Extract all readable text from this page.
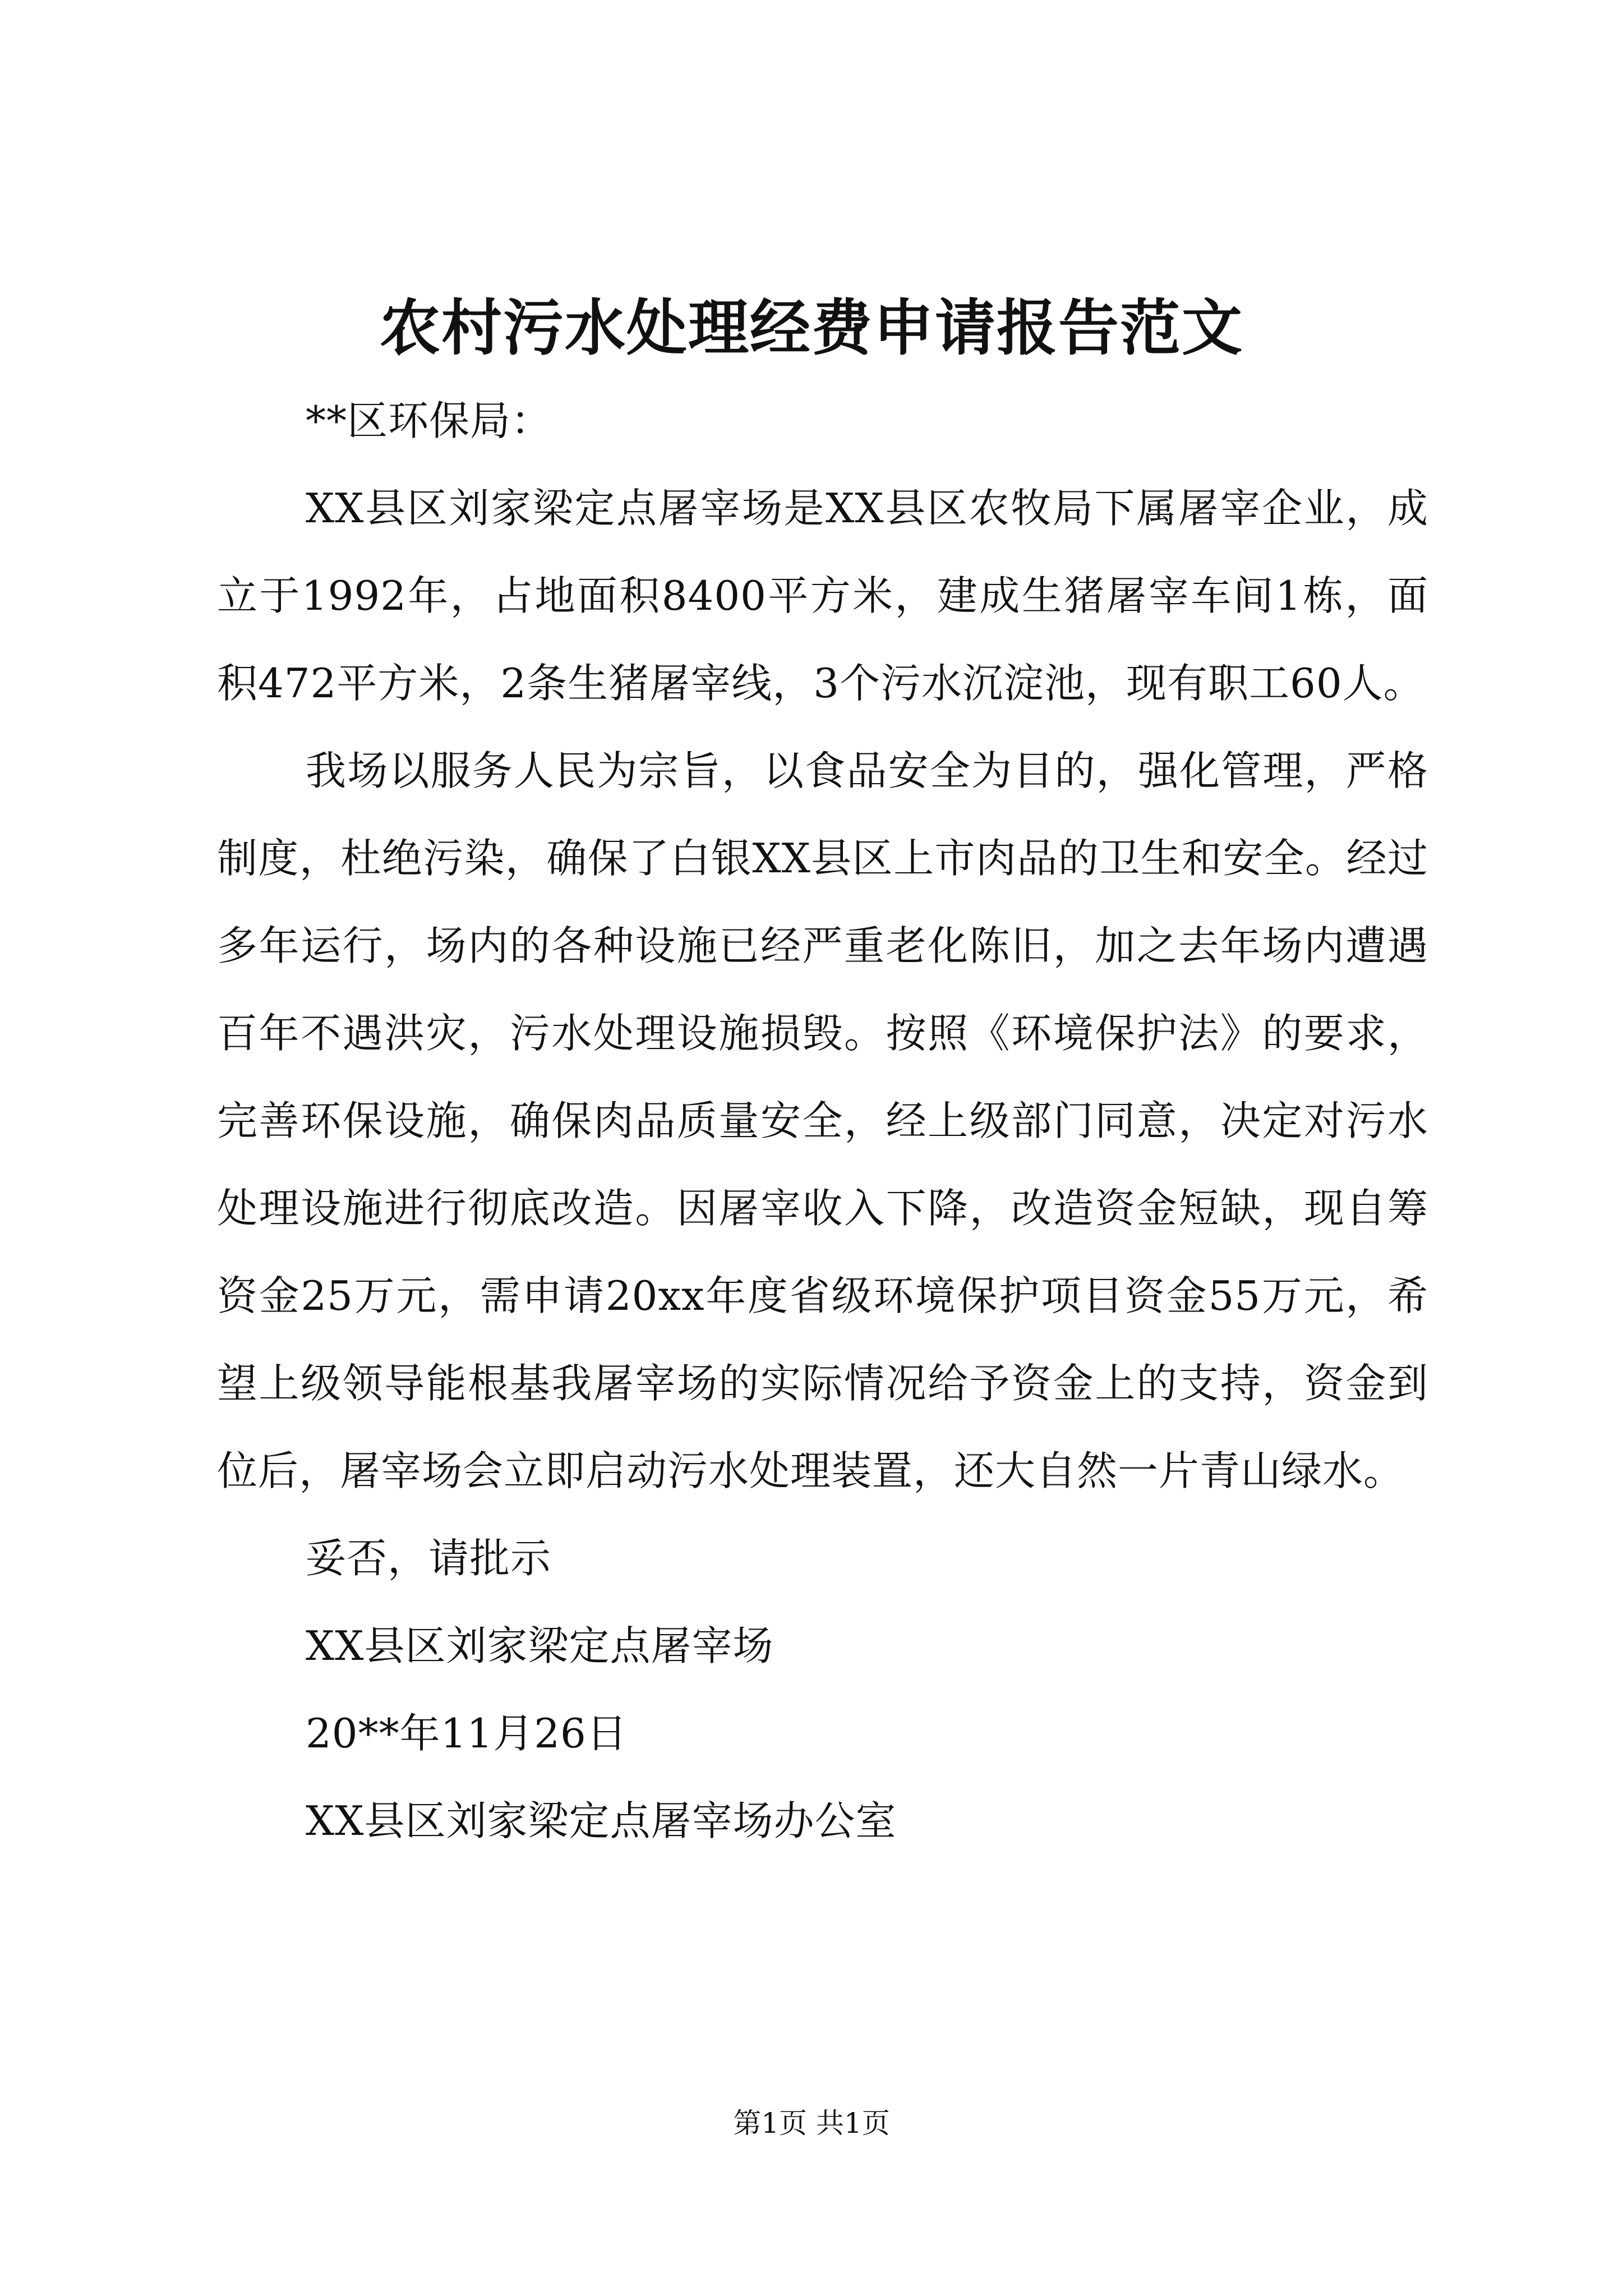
农村污水处理经费申请报告范文

**区环保局：

XX县区刘家梁定点屠宰场是XX县区农牧局下属屠宰企业，成立于1992年，占地面积8400平方米，建成生猪屠宰车间1栋，面积472平方米，2条生猪屠宰线，3个污水沉淀池，现有职工60人。

我场以服务人民为宗旨，以食品安全为目的，强化管理，严格制度，杜绝污染，确保了白银XX县区上市肉品的卫生和安全。经过多年运行，场内的各种设施已经严重老化陈旧，加之去年场内遭遇百年不遇洪灾，污水处理设施损毁。按照《环境保护法》的要求，完善环保设施，确保肉品质量安全，经上级部门同意，决定对污水处理设施进行彻底改造。因屠宰收入下降，改造资金短缺，现自筹资金25万元，需申请20xx年度省级环境保护项目资金55万元，希望上级领导能根基我屠宰场的实际情况给予资金上的支持，资金到位后，屠宰场会立即启动污水处理装置，还大自然一片青山绿水。

妥否，请批示

XX县区刘家梁定点屠宰场

20**年11月26日

XX县区刘家梁定点屠宰场办公室

第1页 共1页
